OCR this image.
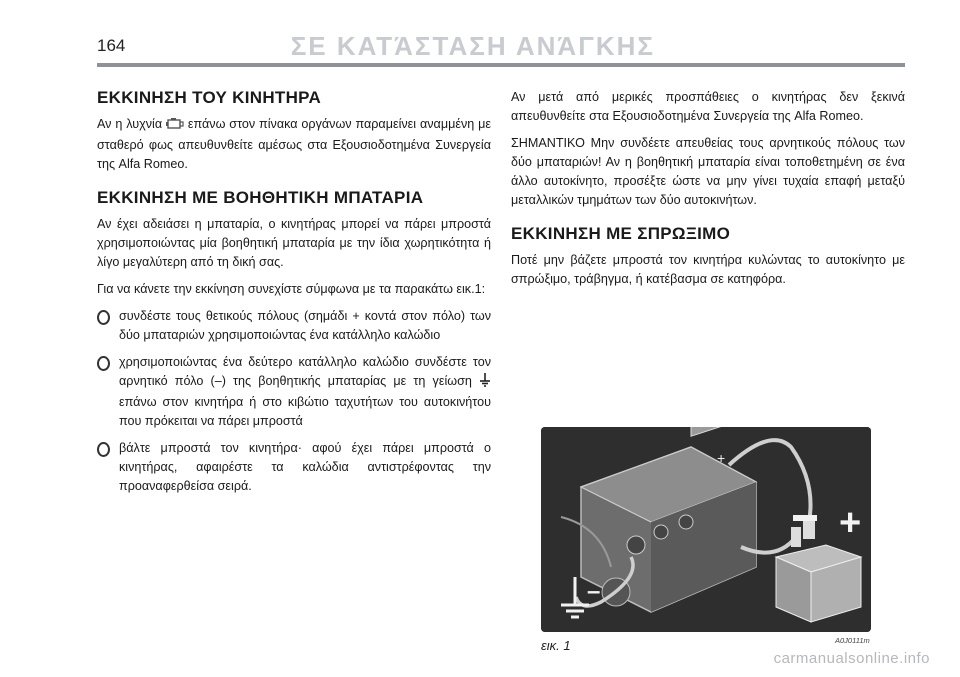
164	ΣΕ ΚΑΤΆΣΤΑΣΗ ΑΝΆΓΚΗΣ
ΕΚΚΙΝΗΣΗ ΤΟΥ ΚΙΝΗΤΗΡΑ

Αν η λυχνία επάνω στον πίνακα οργάνων παραμείνει αναμμένη με σταθερό φως απευθυνθείτε αμέσως στα Εξουσιοδοτημένα Συνεργεία της Alfa Romeo.

ΕΚΚΙΝΗΣΗ ΜΕ ΒΟΗΘΗΤΙΚΗ ΜΠΑΤΑΡΙΑ

Αν έχει αδειάσει η μπαταρία, ο κινητήρας μπορεί να πάρει μπροστά χρησιμοποιώντας μία βοηθητική μπαταρία με την ίδια χωρητικότητα ή λίγο μεγαλύτερη από τη δική σας.

Για να κάνετε την εκκίνηση συνεχίστε σύμφωνα με τα παρακάτω εικ.1:

συνδέστε τους θετικούς πόλους (σημάδι + κοντά στον πόλο) των δύο μπαταριών χρησιμοποιώντας ένα κατάλληλο καλώδιο
χρησιμοποιώντας ένα δεύτερο κατάλληλο καλώδιο συνδέστε τον αρνητικό πόλο (–) της βοηθητικής μπαταρίας με τη γείωση  επάνω στον κινητήρα ή στο κιβώτιο ταχυτήτων του αυτοκινήτου που πρόκειται να πάρει μπροστά
βάλτε μπροστά τον κινητήρα· αφού έχει πάρει μπροστά ο κινητήρας, αφαιρέστε τα καλώδια αντιστρέφοντας την προαναφερθείσα σειρά.

Αν μετά από μερικές προσπάθειες ο κινητήρας δεν ξεκινά απευθυνθείτε στα Εξουσιοδοτημένα Συνεργεία της Alfa Romeo.

ΣΗΜΑΝΤΙΚΟ Μην συνδέετε απευθείας τους αρνητικούς πόλους των δύο μπαταριών! Αν η βοηθητική μπαταρία είναι τοποθετημένη σε ένα άλλο αυτοκίνητο, προσέξτε ώστε να μην γίνει τυχαία επαφή μεταξύ μεταλλικών τμημάτων των δύο αυτοκινήτων.

ΕΚΚΙΝΗΣΗ ΜΕ ΣΠΡΩΞΙΜΟ

Ποτέ μην βάζετε μπροστά τον κινητήρα κυλώντας το αυτοκίνητο με σπρώξιμο, τράβηγμα, ή κατέβασμα σε κατηφόρα.

+
+
–
εικ. 1	A0J0111m
carmanualsonline.info
